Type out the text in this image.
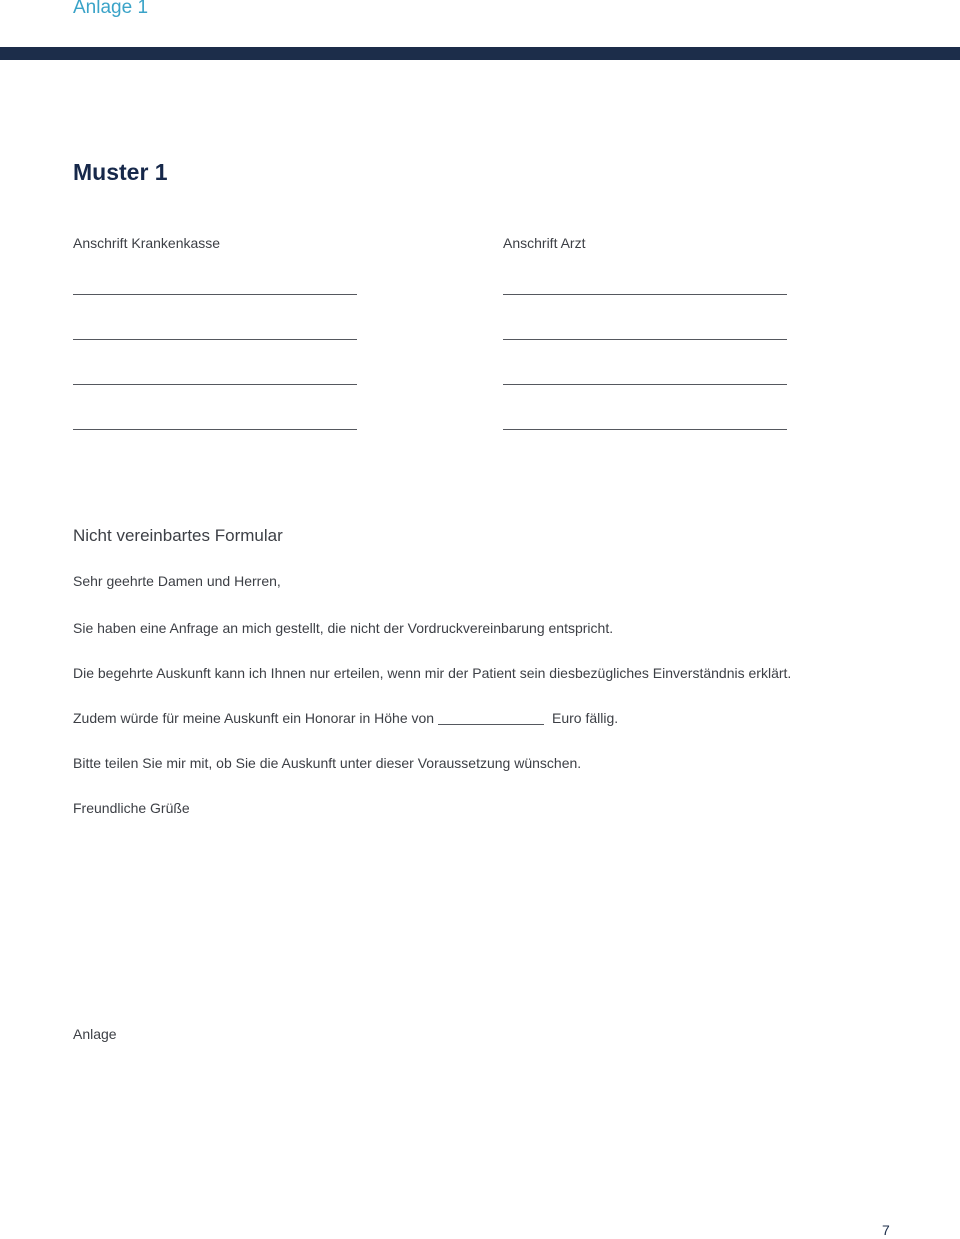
Anlage 1
Muster 1
Anschrift Krankenkasse	Anschrift Arzt
Nicht vereinbartes Formular
Sehr geehrte Damen und Herren,
Sie haben eine Anfrage an mich gestellt, die nicht der Vordruckvereinbarung entspricht.
Die begehrte Auskunft kann ich Ihnen nur erteilen, wenn mir der Patient sein diesbezügliches Einverständnis erklärt.
Zudem würde für meine Auskunft ein Honorar in Höhe von	Euro fällig.
Bitte teilen Sie mir mit, ob Sie die Auskunft unter dieser Voraussetzung wünschen.
Freundliche Grüße
Anlage
7
